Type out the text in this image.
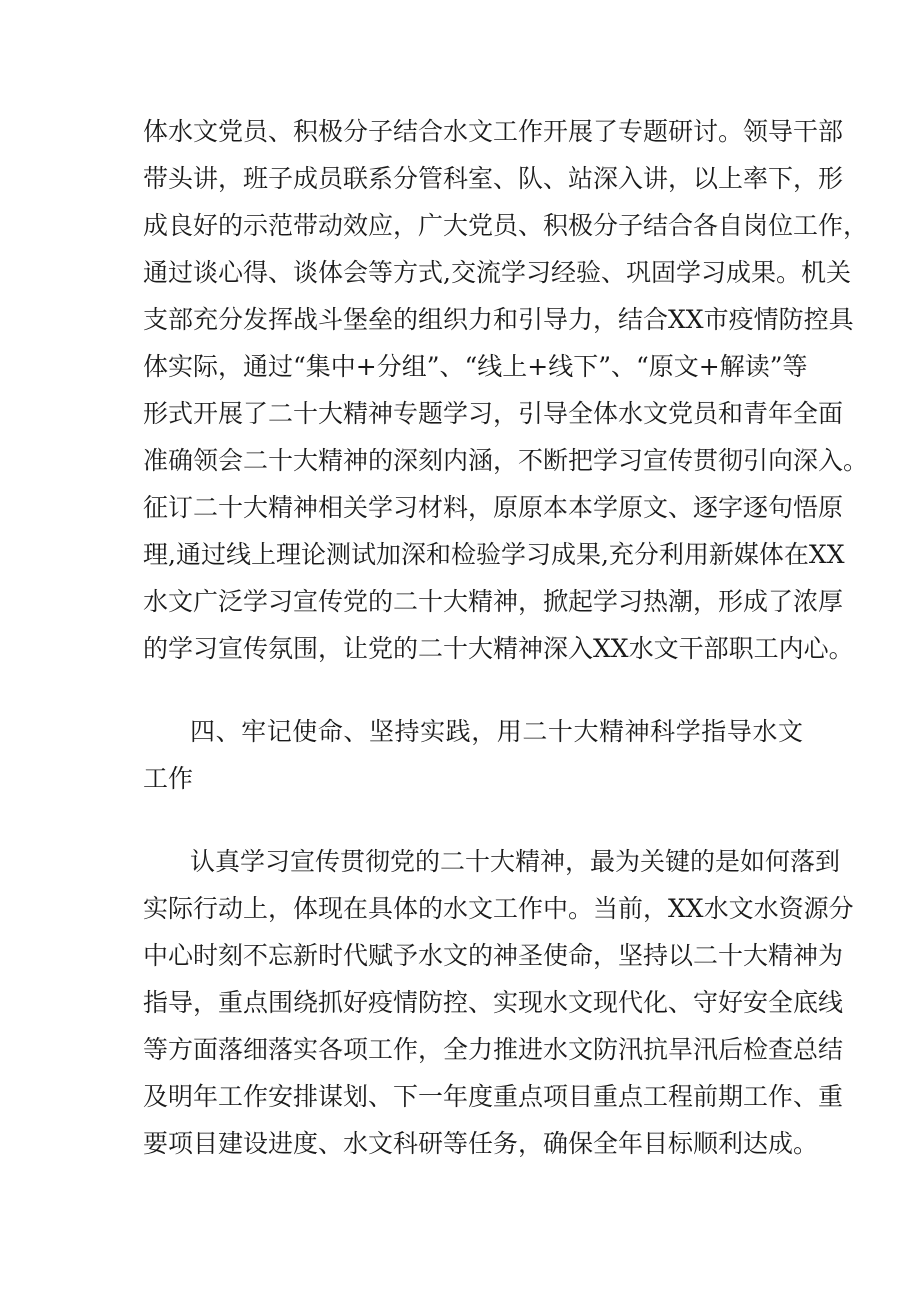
体水文党员、积极分子结合水文工作开展了专题研讨。领导干部
带头讲，班子成员联系分管科室、队、站深入讲，以上率下，形
成良好的示范带动效应，广大党员、积极分子结合各自岗位工作，
通过谈心得、谈体会等方式,交流学习经验、巩固学习成果。机关
支部充分发挥战斗堡垒的组织力和引导力，结合XX市疫情防控具
体实际，通过“集中+分组”、“线上+线下”、“原文+解读”等
形式开展了二十大精神专题学习，引导全体水文党员和青年全面
准确领会二十大精神的深刻内涵，不断把学习宣传贯彻引向深入。
征订二十大精神相关学习材料，原原本本学原文、逐字逐句悟原
理,通过线上理论测试加深和检验学习成果,充分利用新媒体在XX
水文广泛学习宣传党的二十大精神，掀起学习热潮，形成了浓厚
的学习宣传氛围，让党的二十大精神深入XX水文干部职工内心。
四、牢记使命、坚持实践，用二十大精神科学指导水文
工作
认真学习宣传贯彻党的二十大精神，最为关键的是如何落到
实际行动上，体现在具体的水文工作中。当前，XX水文水资源分
中心时刻不忘新时代赋予水文的神圣使命，坚持以二十大精神为
指导，重点围绕抓好疫情防控、实现水文现代化、守好安全底线
等方面落细落实各项工作，全力推进水文防汛抗旱汛后检查总结
及明年工作安排谋划、下一年度重点项目重点工程前期工作、重
要项目建设进度、水文科研等任务，确保全年目标顺利达成。
